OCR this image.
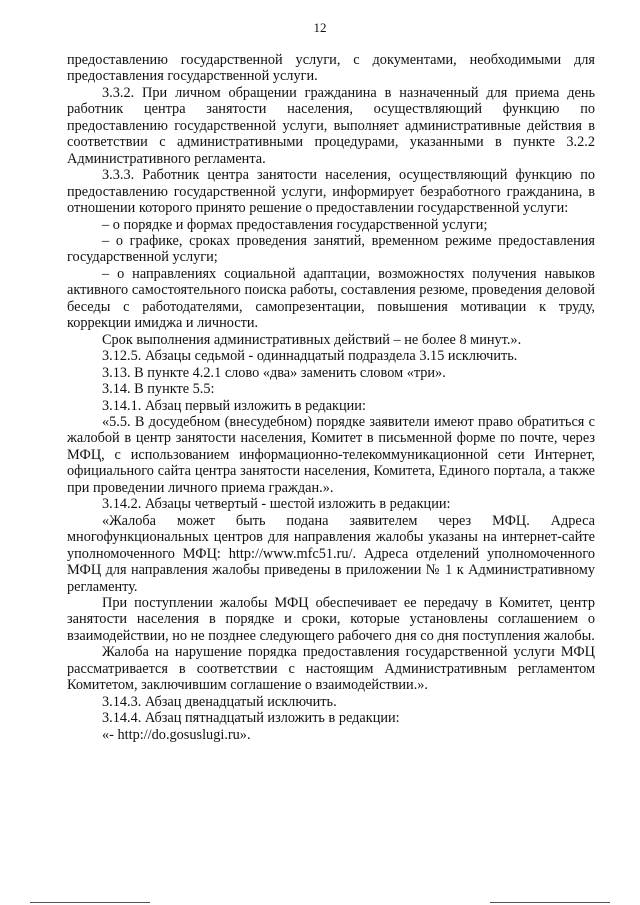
12

предоставлению государственной услуги, с документами, необходимыми для предоставления государственной услуги.

3.3.2. При личном обращении гражданина в назначенный для приема день работник центра занятости населения, осуществляющий функцию по предоставлению государственной услуги, выполняет административные действия в соответствии с административными процедурами, указанными в пункте 3.2.2 Административного регламента.

3.3.3. Работник центра занятости населения, осуществляющий функцию по предоставлению государственной услуги, информирует безработного гражданина, в отношении которого принято решение о предоставлении государственной услуги:

– о порядке и формах предоставления государственной услуги;

– о графике, сроках проведения занятий, временном режиме предоставления государственной услуги;

– о направлениях социальной адаптации, возможностях получения навыков активного самостоятельного поиска работы, составления резюме, проведения деловой беседы с работодателями, самопрезентации, повышения мотивации к труду, коррекции имиджа и личности.

Срок выполнения административных действий – не более 8 минут.».

3.12.5. Абзацы седьмой - одиннадцатый подраздела 3.15 исключить.

3.13. В пункте 4.2.1 слово «два» заменить словом «три».

3.14. В пункте 5.5:

3.14.1. Абзац первый изложить в редакции:

«5.5. В досудебном (внесудебном) порядке заявители имеют право обратиться с жалобой в центр занятости населения, Комитет в письменной форме по почте, через МФЦ, с использованием информационно-телекоммуникационной сети Интернет, официального сайта центра занятости населения, Комитета, Единого портала, а также при проведении личного приема граждан.».

3.14.2. Абзацы четвертый - шестой изложить в редакции:

«Жалоба может быть подана заявителем через МФЦ. Адреса многофункциональных центров для направления жалобы указаны на интернет-сайте уполномоченного МФЦ: http://www.mfc51.ru/. Адреса отделений уполномоченного МФЦ для направления жалобы приведены в приложении № 1 к Административному регламенту.

При поступлении жалобы МФЦ обеспечивает ее передачу в Комитет, центр занятости населения в порядке и сроки, которые установлены соглашением о взаимодействии, но не позднее следующего рабочего дня со дня поступления жалобы.

Жалоба на нарушение порядка предоставления государственной услуги МФЦ рассматривается в соответствии с настоящим Административным регламентом Комитетом, заключившим соглашение о взаимодействии.».

3.14.3. Абзац двенадцатый исключить.

3.14.4. Абзац пятнадцатый изложить в редакции:

«- http://do.gosuslugi.ru».
